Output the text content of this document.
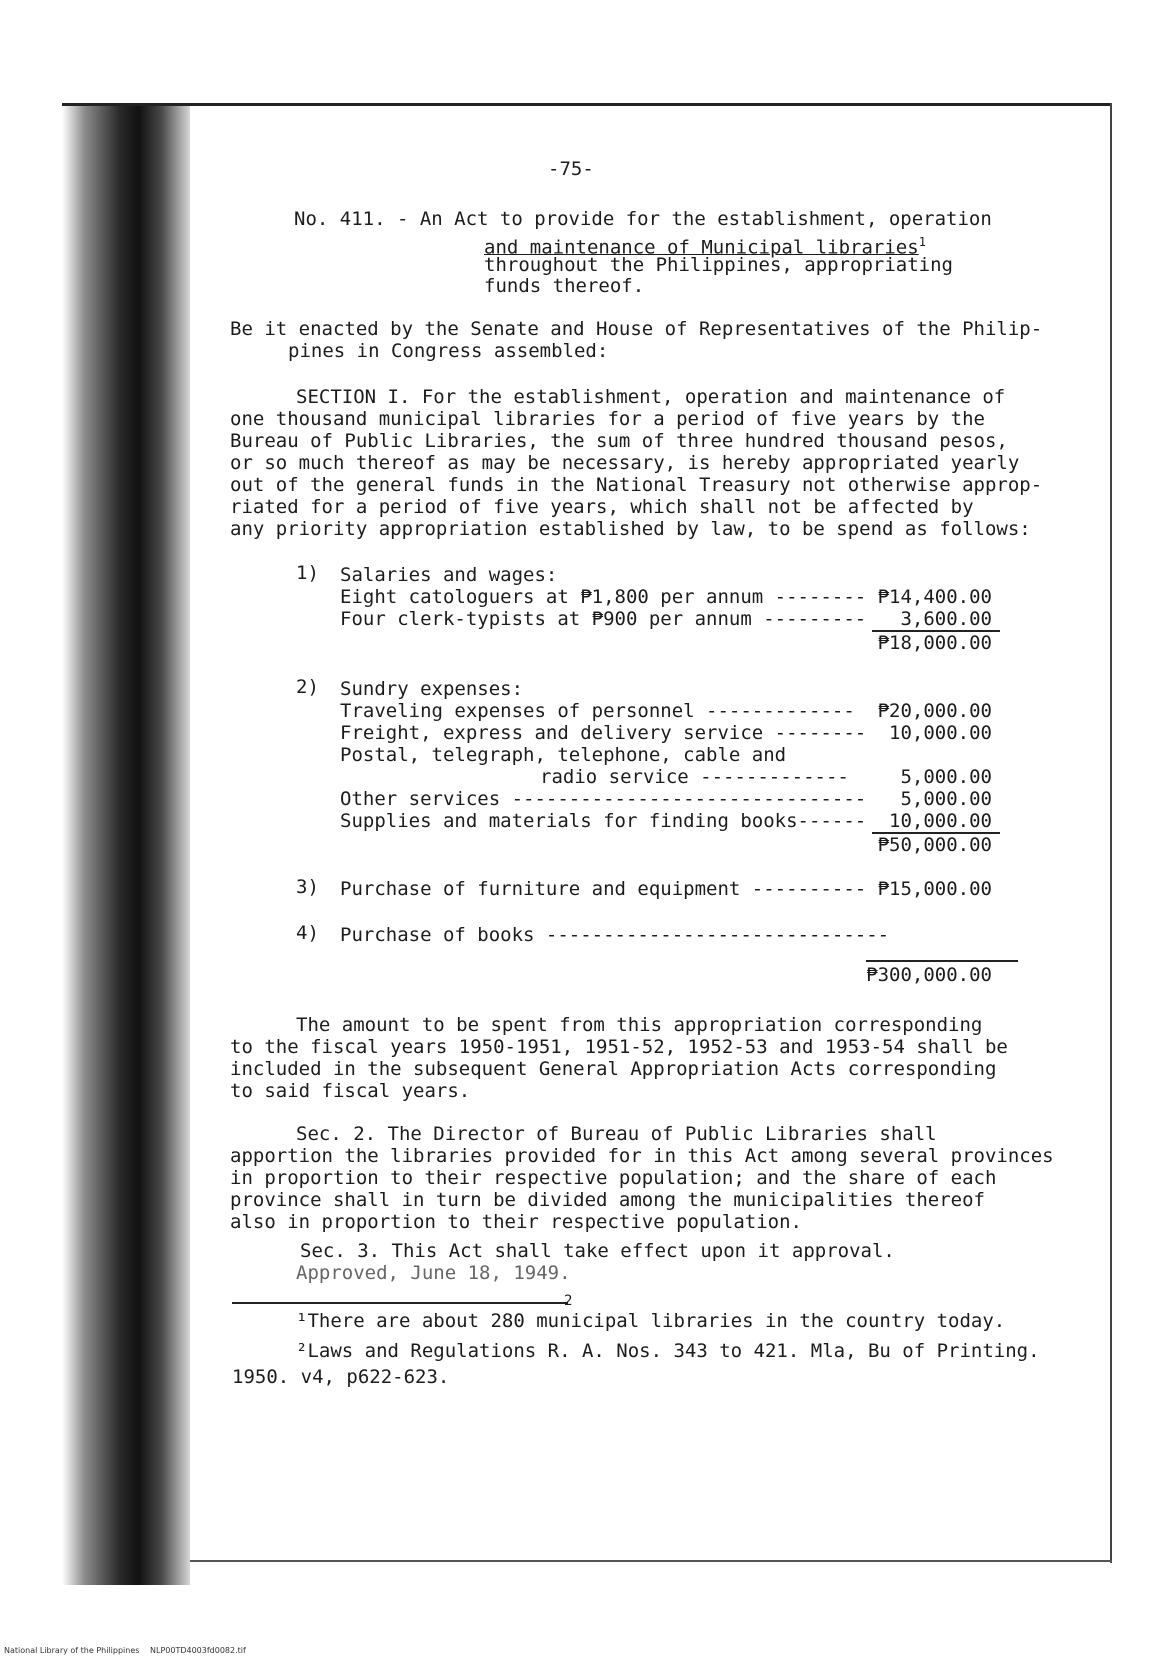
-75-
No. 411. - An Act to provide for the establishment, operation
and maintenance of Municipal libraries$^1$
throughout the Philippines, appropriating
funds thereof.
Be it enacted by the Senate and House of Representatives of the Philip-
pines in Congress assembled:
SECTION I. For the establishment, operation and maintenance of
one thousand municipal libraries for a period of five years by the
Bureau of Public Libraries, the sum of three hundred thousand pesos,
or so much thereof as may be necessary, is hereby appropriated yearly
out of the general funds in the National Treasury not otherwise approp-
riated for a period of five years, which shall not be affected by
any priority appropriation established by law, to be spend as follows:
1) Salaries and wages:
Eight catologuers at ₱1,800 per annum -------- ₱14,400.00
Four clerk-typists at ₱900 per annum ---------	3,600.00
₱18,000.00
2) Sundry expenses:
Traveling expenses of personnel -------------	₱20,000.00
Freight, express and delivery service --------	10,000.00
Postal, telegraph, telephone, cable and
radio service -------------	5,000.00
Other services -------------------------------	5,000.00
Supplies and materials for finding books------	10,000.00
₱50,000.00
3) Purchase of furniture and equipment ---------- ₱15,000.00
4) Purchase of books ------------------------------
₱300,000.00
The amount to be spent from this appropriation corresponding
to the fiscal years 1950-1951, 1951-52, 1952-53 and 1953-54 shall be
included in the subsequent General Appropriation Acts corresponding
to said fiscal years.
Sec. 2. The Director of Bureau of Public Libraries shall
apportion the libraries provided for in this Act among several provinces
in proportion to their respective population; and the share of each
province shall in turn be divided among the municipalities thereof
also in proportion to their respective population.
Sec. 3. This Act shall take effect upon it approval.
Approved, June 18, 1949.
2
¹There are about 280 municipal libraries in the country today.
²Laws and Regulations R. A. Nos. 343 to 421. Mla, Bu of Printing.
1950. v4, p622-623.
National Library of the Philippines NLP00TD4003fd0082.tif
